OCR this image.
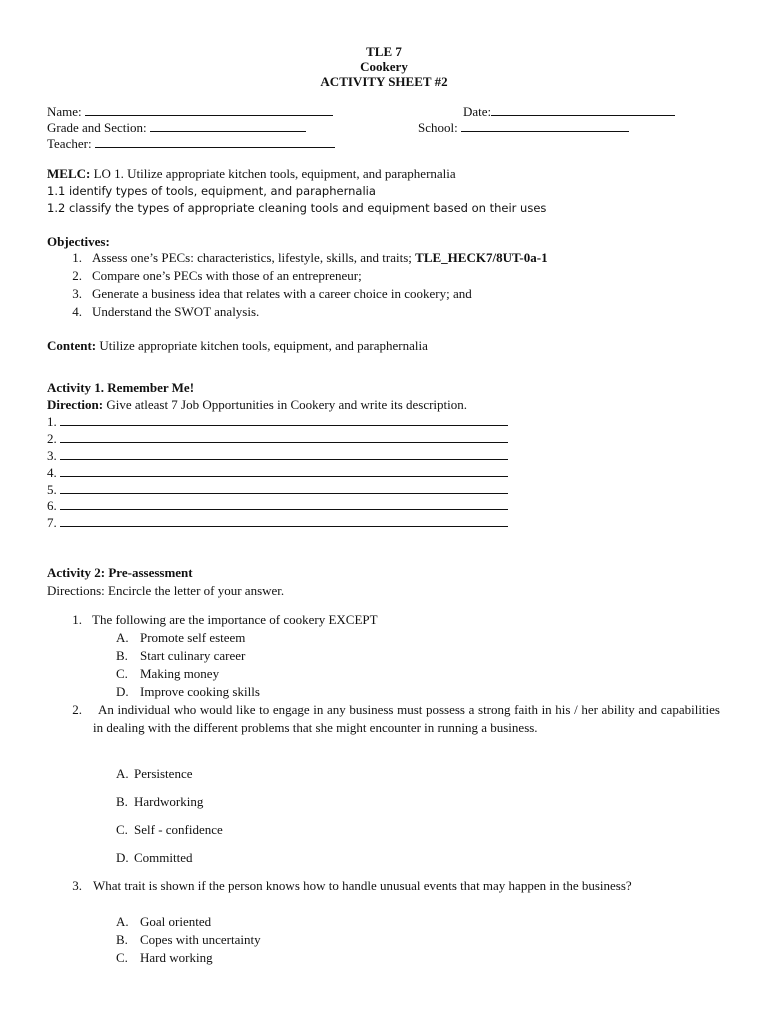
TLE 7
Cookery
ACTIVITY SHEET #2
Name:	Date:
Grade and Section:	School:
Teacher:
MELC: LO 1. Utilize appropriate kitchen tools, equipment, and paraphernalia
1.1 identify types of tools, equipment, and paraphernalia
1.2 classify the types of appropriate cleaning tools and equipment based on their uses
Objectives:
1. Assess one’s PECs: characteristics, lifestyle, skills, and traits; TLE_HECK7/8UT-0a-1
2. Compare one’s PECs with those of an entrepreneur;
3. Generate a business idea that relates with a career choice in cookery; and
4. Understand the SWOT analysis.
Content: Utilize appropriate kitchen tools, equipment, and paraphernalia
Activity 1. Remember Me!
Direction: Give atleast 7 Job Opportunities in Cookery and write its description.
1.
2.
3.
4.
5.
6.
7.
Activity 2: Pre-assessment
Directions: Encircle the letter of your answer.
1. The following are the importance of cookery EXCEPT
A. Promote self esteem
B. Start culinary career
C. Making money
D. Improve cooking skills
2.	An individual who would like to engage in any business must possess a strong faith in his / her ability and capabilities in dealing with the different problems that she might encounter in running a business.
A. Persistence
B. Hardworking
C. Self - confidence
D. Committed
3. What trait is shown if the person knows how to handle unusual events that may happen in the business?
A. Goal oriented
B. Copes with uncertainty
C. Hard working
